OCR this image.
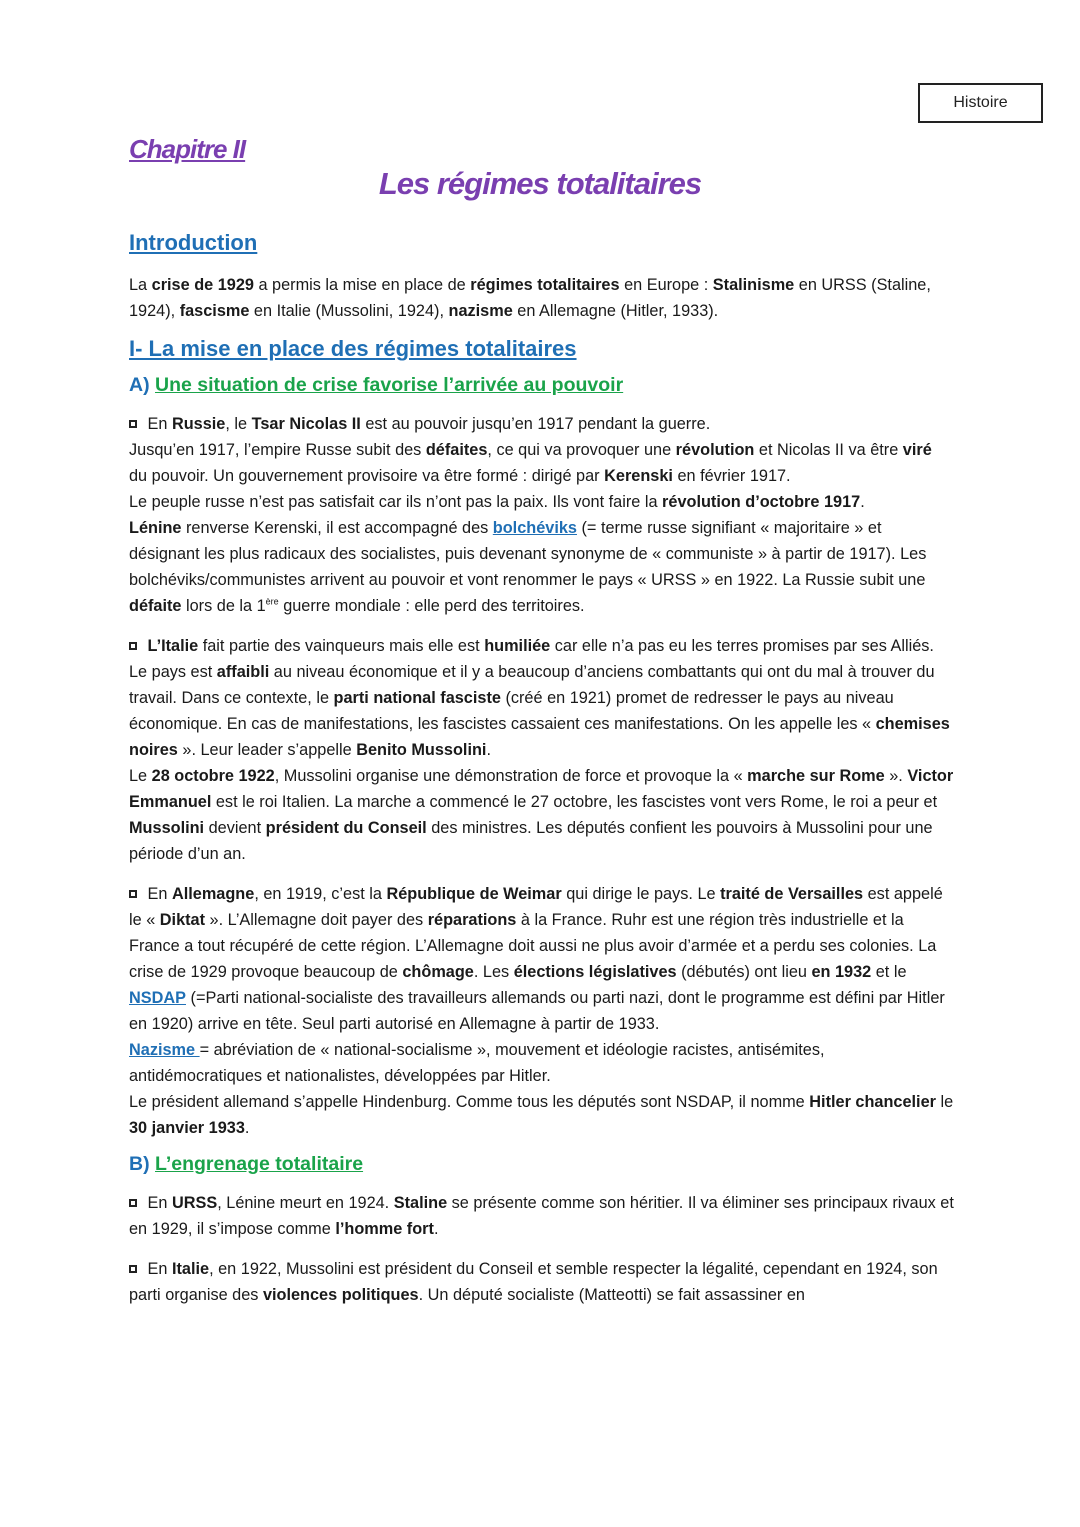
Histoire
Chapitre II
Les régimes totalitaires
Introduction

La crise de 1929 a permis la mise en place de régimes totalitaires en Europe : Stalinisme en URSS (Staline, 1924), fascisme en Italie (Mussolini, 1924), nazisme en Allemagne (Hitler, 1933).

I- La mise en place des régimes totalitaires
A) Une situation de crise favorise l’arrivée au pouvoir

En Russie, le Tsar Nicolas II est au pouvoir jusqu’en 1917 pendant la guerre.
Jusqu’en 1917, l’empire Russe subit des défaites, ce qui va provoquer une révolution et Nicolas II va être viré du pouvoir. Un gouvernement provisoire va être formé : dirigé par Kerenski en février 1917.
Le peuple russe n’est pas satisfait car ils n’ont pas la paix. Ils vont faire la révolution d’octobre 1917.
Lénine renverse Kerenski, il est accompagné des bolchéviks (= terme russe signifiant « majoritaire » et désignant les plus radicaux des socialistes, puis devenant synonyme de « communiste » à partir de 1917). Les bolchéviks/communistes arrivent au pouvoir et vont renommer le pays « URSS » en 1922. La Russie subit une défaite lors de la 1ère guerre mondiale : elle perd des territoires.

L’Italie fait partie des vainqueurs mais elle est humiliée car elle n’a pas eu les terres promises par ses Alliés. Le pays est affaibli au niveau économique et il y a beaucoup d’anciens combattants qui ont du mal à trouver du travail. Dans ce contexte, le parti national fasciste (créé en 1921) promet de redresser le pays au niveau économique. En cas de manifestations, les fascistes cassaient ces manifestations. On les appelle les « chemises noires ». Leur leader s’appelle Benito Mussolini.
Le 28 octobre 1922, Mussolini organise une démonstration de force et provoque la « marche sur Rome ». Victor Emmanuel est le roi Italien. La marche a commencé le 27 octobre, les fascistes vont vers Rome, le roi a peur et Mussolini devient président du Conseil des ministres. Les députés confient les pouvoirs à Mussolini pour une période d’un an.

En Allemagne, en 1919, c’est la République de Weimar qui dirige le pays. Le traité de Versailles est appelé le « Diktat ». L’Allemagne doit payer des réparations à la France. Ruhr est une région très industrielle et la France a tout récupéré de cette région. L’Allemagne doit aussi ne plus avoir d’armée et a perdu ses colonies. La crise de 1929 provoque beaucoup de chômage. Les élections législatives (débutés) ont lieu en 1932 et le NSDAP (=Parti national-socialiste des travailleurs allemands ou parti nazi, dont le programme est défini par Hitler en 1920) arrive en tête. Seul parti autorisé en Allemagne à partir de 1933.
Nazisme = abréviation de « national-socialisme », mouvement et idéologie racistes, antisémites, antidémocratiques et nationalistes, développées par Hitler.
Le président allemand s’appelle Hindenburg. Comme tous les députés sont NSDAP, il nomme Hitler chancelier le 30 janvier 1933.

B) L’engrenage totalitaire

En URSS, Lénine meurt en 1924. Staline se présente comme son héritier. Il va éliminer ses principaux rivaux et en 1929, il s’impose comme l’homme fort.

En Italie, en 1922, Mussolini est président du Conseil et semble respecter la légalité, cependant en 1924, son parti organise des violences politiques. Un député socialiste (Matteotti) se fait assassiner en
